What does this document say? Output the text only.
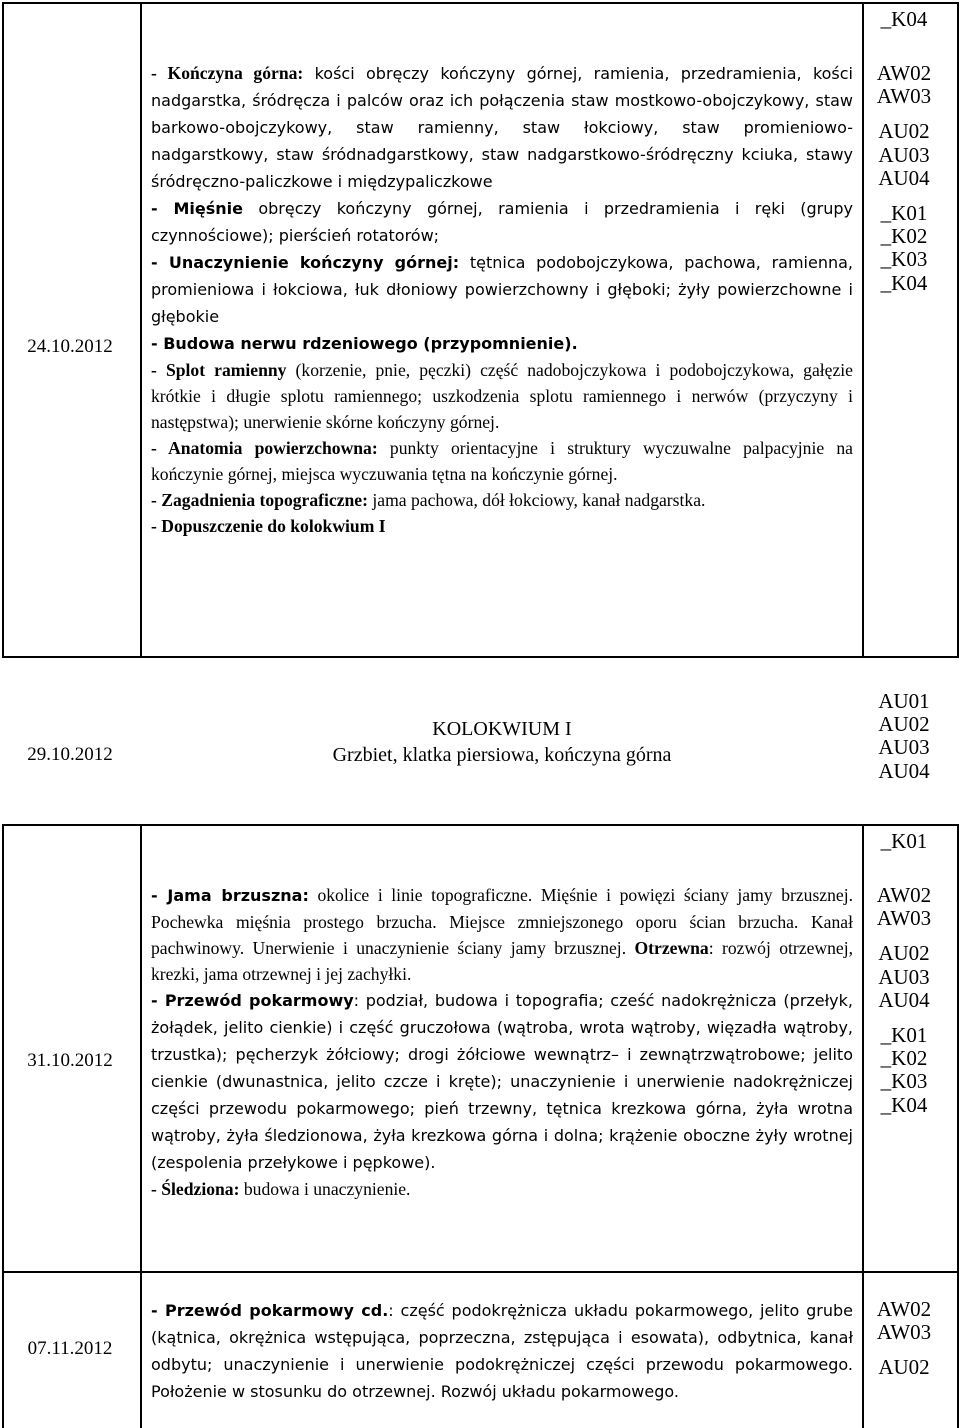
_K04
24.10.2012

- Kończyna górna: kości obręczy kończyny górnej, ramienia, przedramienia, kości nadgarstka, śródręcza i palców oraz ich połączenia staw mostkowo-obojczykowy, staw barkowo-obojczykowy, staw ramienny, staw łokciowy, staw promieniowo-nadgarstkowy, staw śródnadgarstkowy, staw nadgarstkowo-śródręczny kciuka, stawy śródręczno-paliczkowe i międzypaliczkowe

- Mięśnie obręczy kończyny górnej, ramienia i przedramienia i ręki (grupy czynnościowe); pierścień rotatorów;

- Unaczynienie kończyny górnej: tętnica podobojczykowa, pachowa, ramienna, promieniowa i łokciowa, łuk dłoniowy powierzchowny i głęboki; żyły powierzchowne i głębokie

- Budowa nerwu rdzeniowego (przypomnienie).

- Splot ramienny (korzenie, pnie, pęczki) część nadobojczykowa i podobojczykowa, gałęzie krótkie i długie splotu ramiennego; uszkodzenia splotu ramiennego i nerwów (przyczyny i następstwa); unerwienie skórne kończyny górnej.

- Anatomia powierzchowna: punkty orientacyjne i struktury wyczuwalne palpacyjnie na kończynie górnej, miejsca wyczuwania tętna na kończynie górnej.

- Zagadnienia topograficzne: jama pachowa, dół łokciowy, kanał nadgarstka.

- Dopuszczenie do kolokwium I

AW02
AW03
AU02
AU03
AU04
_K01
_K02
_K03
_K04
29.10.2012

KOLOKWIUM I

Grzbiet, klatka piersiowa, kończyna górna

AU01
AU02
AU03
AU04
_K01
31.10.2012

- Jama brzuszna: okolice i linie topograficzne. Mięśnie i powięzi ściany jamy brzusznej. Pochewka mięśnia prostego brzucha. Miejsce zmniejszonego oporu ścian brzucha. Kanał pachwinowy. Unerwienie i unaczynienie ściany jamy brzusznej. Otrzewna: rozwój otrzewnej, krezki, jama otrzewnej i jej zachyłki.

- Przewód pokarmowy: podział, budowa i topografia; cześć nadokrężnicza (przełyk, żołądek, jelito cienkie) i część gruczołowa (wątroba, wrota wątroby, więzadła wątroby, trzustka); pęcherzyk żółciowy; drogi żółciowe wewnątrz– i zewnątrzwątrobowe; jelito cienkie (dwunastnica, jelito czcze i kręte); unaczynienie i unerwienie nadokrężniczej części przewodu pokarmowego; pień trzewny, tętnica krezkowa górna, żyła wrotna wątroby, żyła śledzionowa, żyła krezkowa górna i dolna; krążenie oboczne żyły wrotnej (zespolenia przełykowe i pępkowe).

- Śledziona: budowa i unaczynienie.

AW02
AW03
AU02
AU03
AU04
_K01
_K02
_K03
_K04
07.11.2012

- Przewód pokarmowy cd.: część podokrężnicza układu pokarmowego, jelito grube (kątnica, okrężnica wstępująca, poprzeczna, zstępująca i esowata), odbytnica, kanał odbytu; unaczynienie i unerwienie podokrężniczej części przewodu pokarmowego. Położenie w stosunku do otrzewnej. Rozwój układu pokarmowego.

AW02
AW03
AU02
